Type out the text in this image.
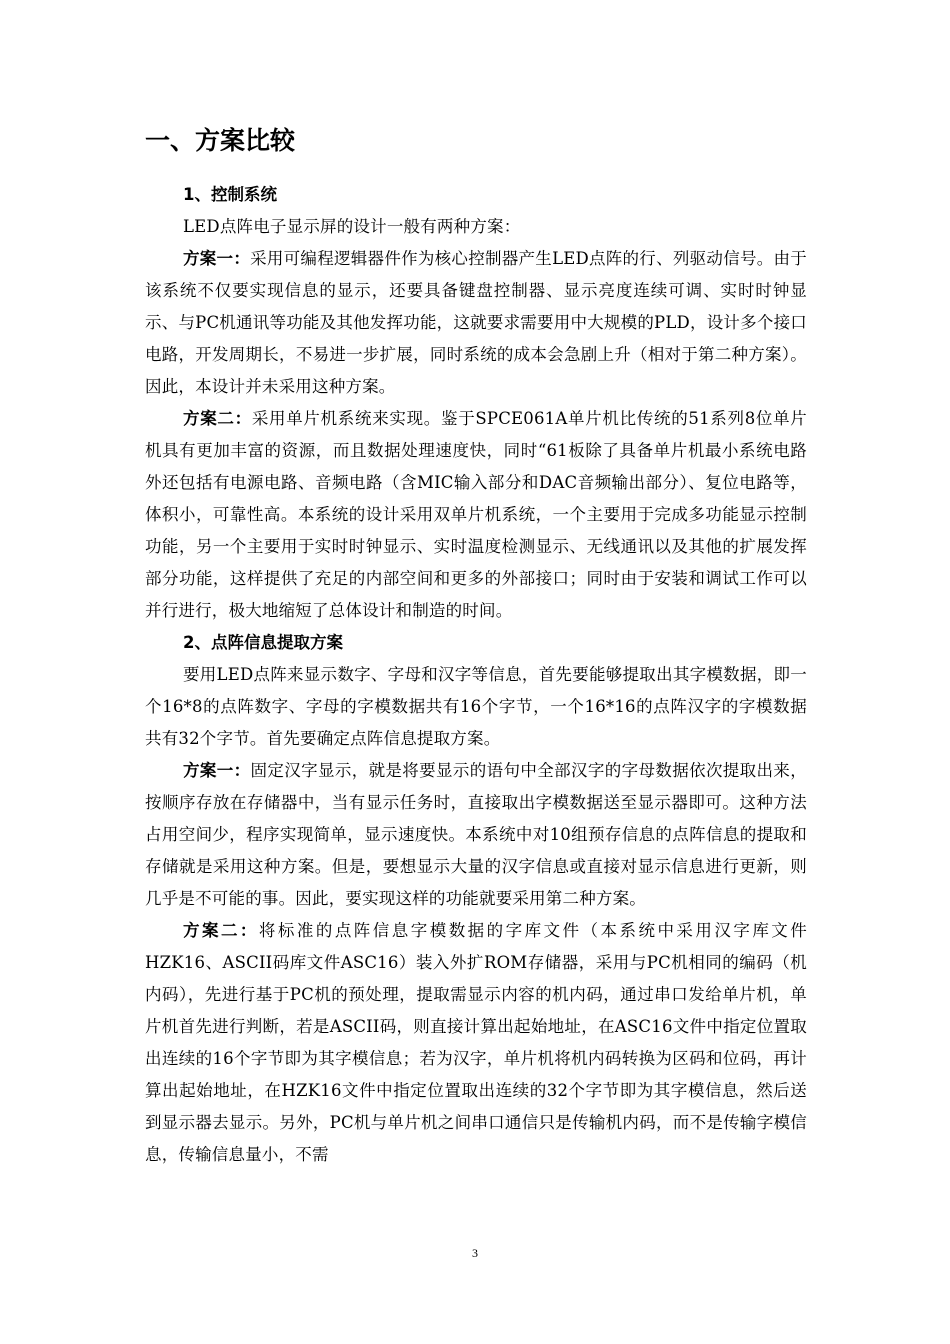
一、方案比较
1、控制系统

LED点阵电子显示屏的设计一般有两种方案：

方案一：采用可编程逻辑器件作为核心控制器产生LED点阵的行、列驱动信号。由于该系统不仅要实现信息的显示，还要具备键盘控制器、显示亮度连续可调、实时时钟显示、与PC机通讯等功能及其他发挥功能，这就要求需要用中大规模的PLD，设计多个接口电路，开发周期长，不易进一步扩展，同时系统的成本会急剧上升（相对于第二种方案）。因此，本设计并未采用这种方案。

方案二：采用单片机系统来实现。鉴于SPCE061A单片机比传统的51系列8位单片机具有更加丰富的资源，而且数据处理速度快，同时“61板除了具备单片机最小系统电路外还包括有电源电路、音频电路（含MIC输入部分和DAC音频输出部分）、复位电路等，体积小，可靠性高。本系统的设计采用双单片机系统，一个主要用于完成多功能显示控制功能，另一个主要用于实时时钟显示、实时温度检测显示、无线通讯以及其他的扩展发挥部分功能，这样提供了充足的内部空间和更多的外部接口；同时由于安装和调试工作可以并行进行，极大地缩短了总体设计和制造的时间。

2、点阵信息提取方案

要用LED点阵来显示数字、字母和汉字等信息，首先要能够提取出其字模数据，即一个16*8的点阵数字、字母的字模数据共有16个字节，一个16*16的点阵汉字的字模数据共有32个字节。首先要确定点阵信息提取方案。

方案一：固定汉字显示，就是将要显示的语句中全部汉字的字母数据依次提取出来，按顺序存放在存储器中，当有显示任务时，直接取出字模数据送至显示器即可。这种方法占用空间少，程序实现简单，显示速度快。本系统中对10组预存信息的点阵信息的提取和存储就是采用这种方案。但是，要想显示大量的汉字信息或直接对显示信息进行更新，则几乎是不可能的事。因此，要实现这样的功能就要采用第二种方案。

方案二：将标准的点阵信息字模数据的字库文件（本系统中采用汉字库文件HZK16、ASCII码库文件ASC16）装入外扩ROM存储器，采用与PC机相同的编码（机内码），先进行基于PC机的预处理，提取需显示内容的机内码，通过串口发给单片机，单片机首先进行判断，若是ASCII码，则直接计算出起始地址，在ASC16文件中指定位置取出连续的16个字节即为其字模信息；若为汉字，单片机将机内码转换为区码和位码，再计算出起始地址，在HZK16文件中指定位置取出连续的32个字节即为其字模信息，然后送到显示器去显示。另外，PC机与单片机之间串口通信只是传输机内码，而不是传输字模信息，传输信息量小，不需

3
